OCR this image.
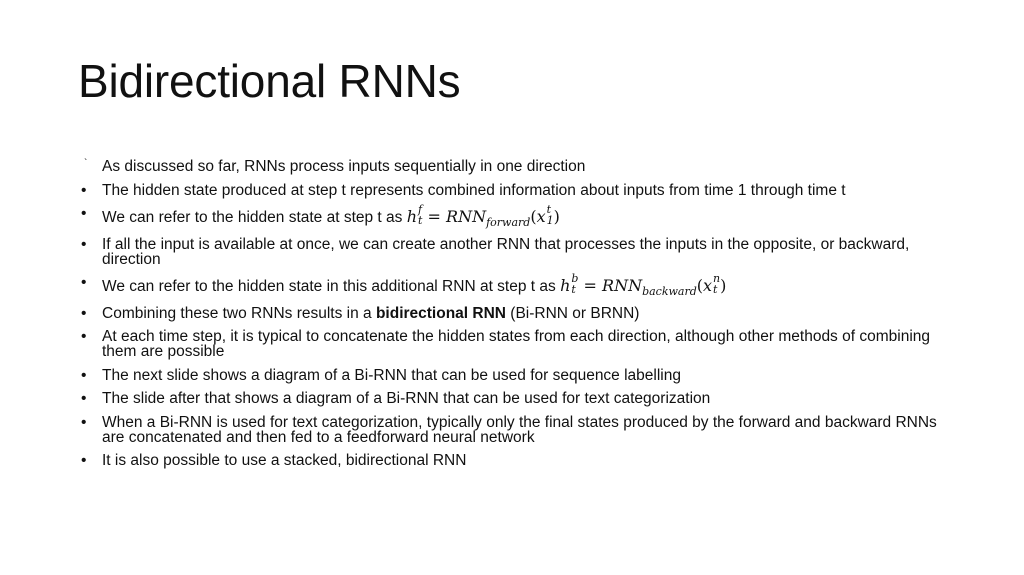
Bidirectional RNNs
` As discussed so far, RNNs process inputs sequentially in one direction
• The hidden state produced at step t represents combined information about inputs from time 1 through time t
• We can refer to the hidden state at step t as h f
$t = RNN_{forward}(x$ t
1 )
• If all the input is available at once, we can create another RNN that processes the inputs in the opposite, or backward, direction
• We can refer to the hidden state in this additional RNN at step t as h b
$t = RNN_{backward}(x$ n
t )
• Combining these two RNNs results in a bidirectional RNN (Bi-RNN or BRNN)
• At each time step, it is typical to concatenate the hidden states from each direction, although other methods of combining them are possible
• The next slide shows a diagram of a Bi-RNN that can be used for sequence labelling
• The slide after that shows a diagram of a Bi-RNN that can be used for text categorization
• When a Bi-RNN is used for text categorization, typically only the final states produced by the forward and backward RNNs are concatenated and then fed to a feedforward neural network
• It is also possible to use a stacked, bidirectional RNN
